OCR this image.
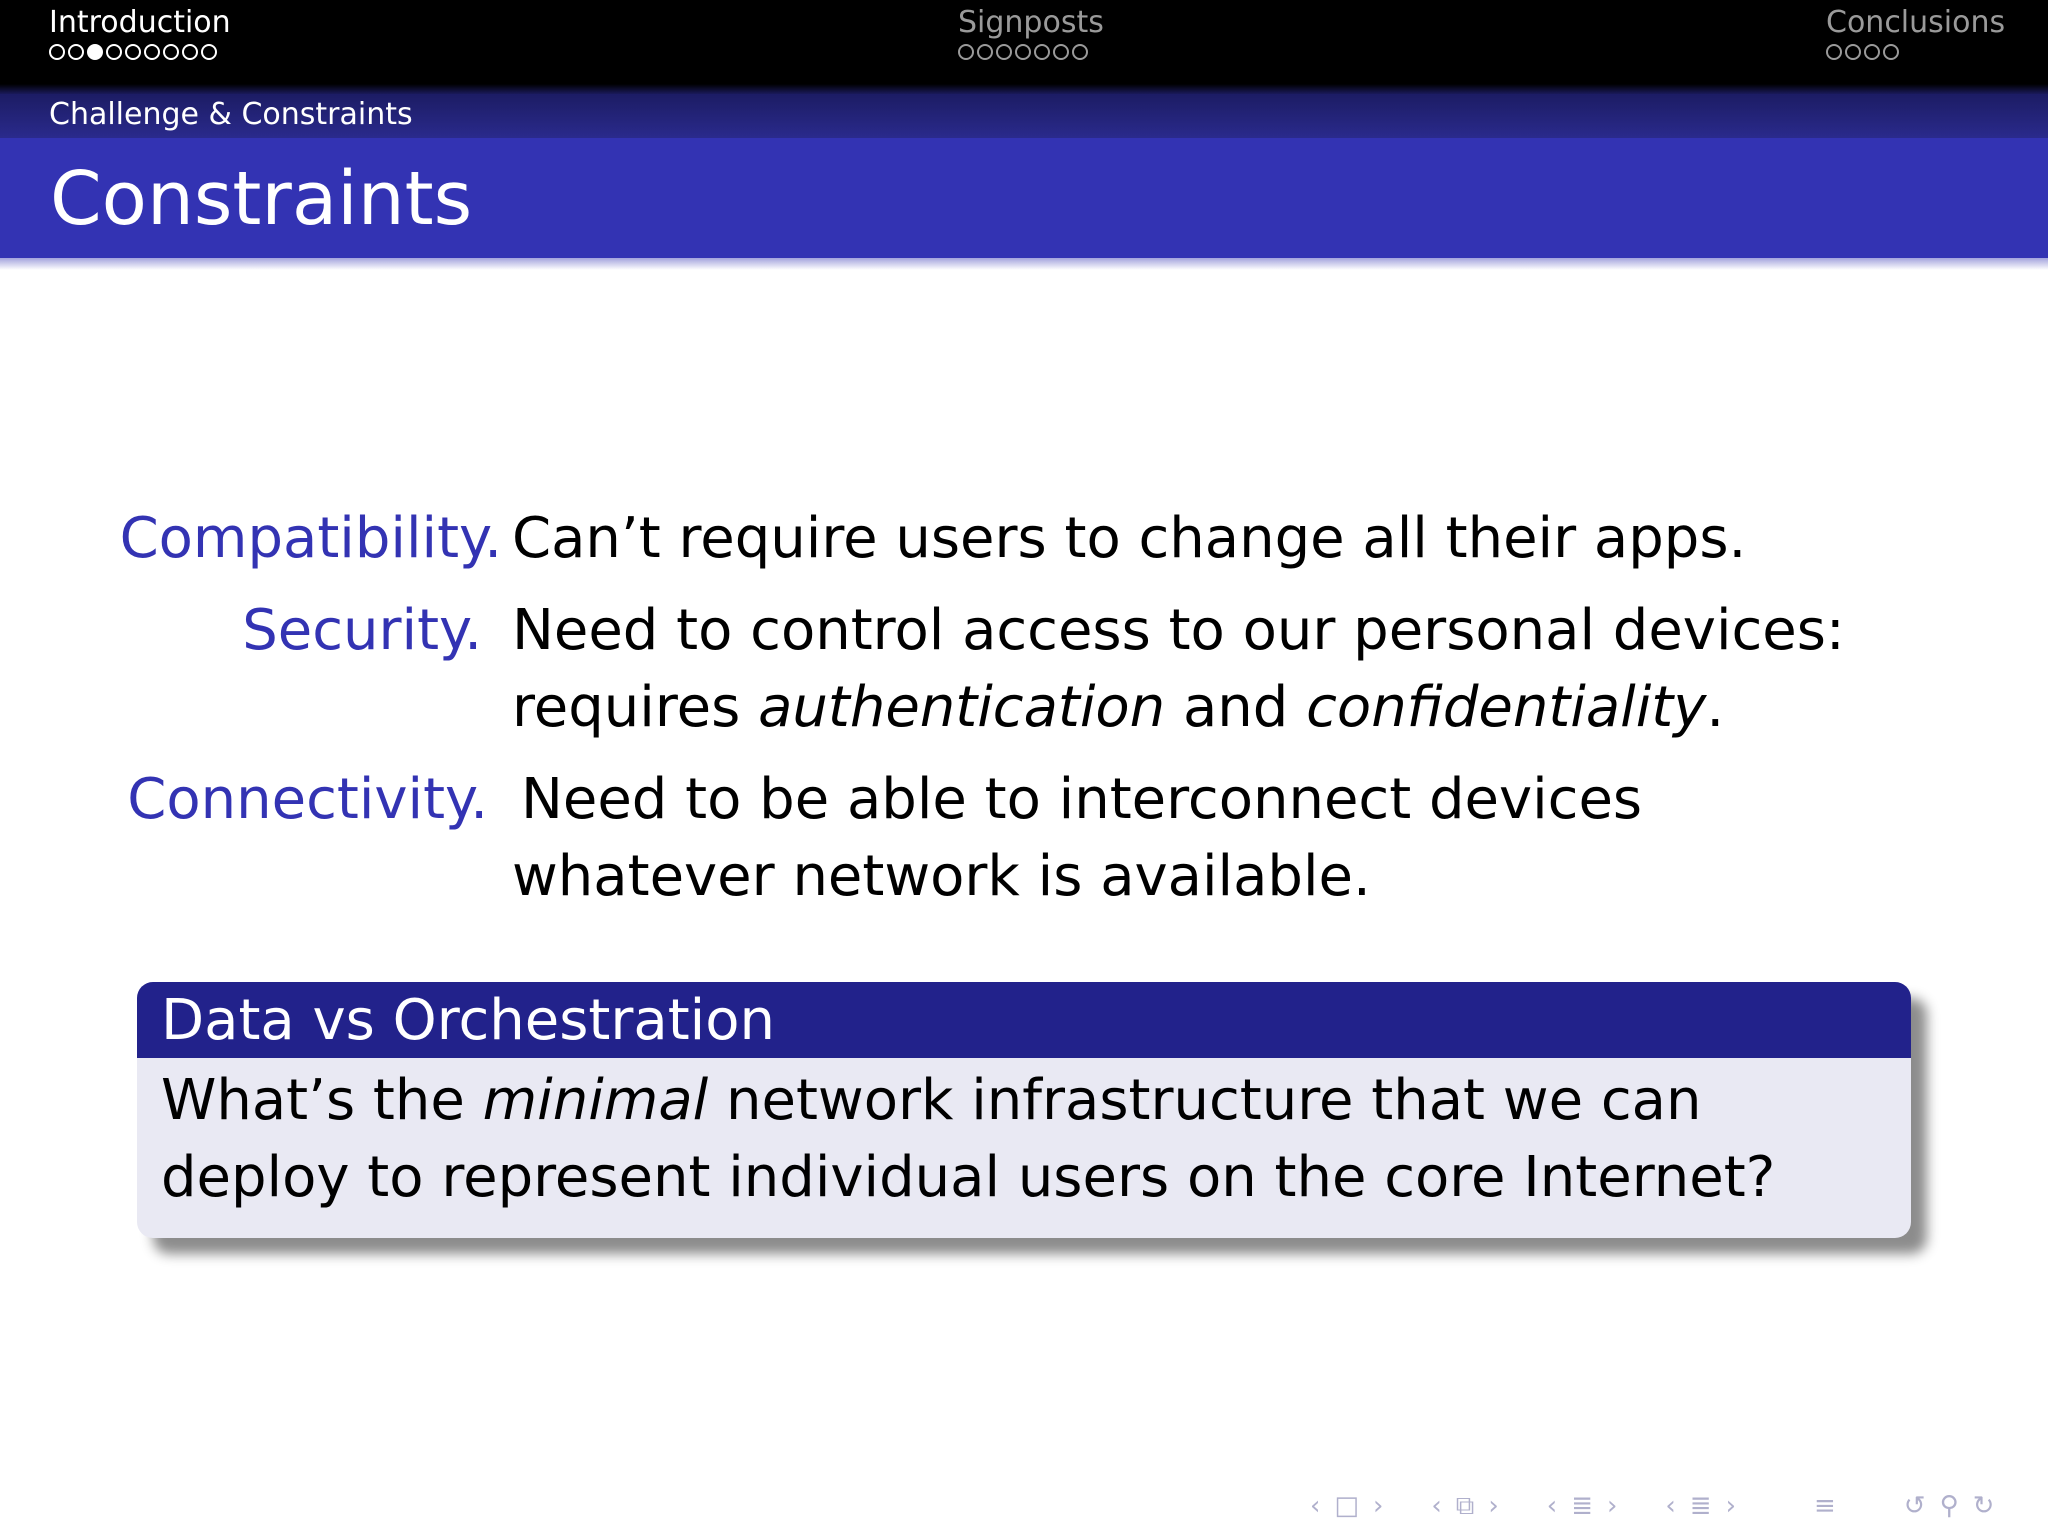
Introduction	Signposts	Conclusions
Challenge & Constraints
Constraints
Compatibility. Can’t require users to change all their apps.
Security. Need to control access to our personal devices: requires authentication and confidentiality.
Connectivity. Need to be able to interconnect devices whatever network is available.
Data vs Orchestration
What’s the minimal network infrastructure that we can deploy to represent individual users on the core Internet?
‹ □ › ‹ ⧉ › ‹ ≣ › ‹ ≣ ›	≡	↺ ⚲ ↻
